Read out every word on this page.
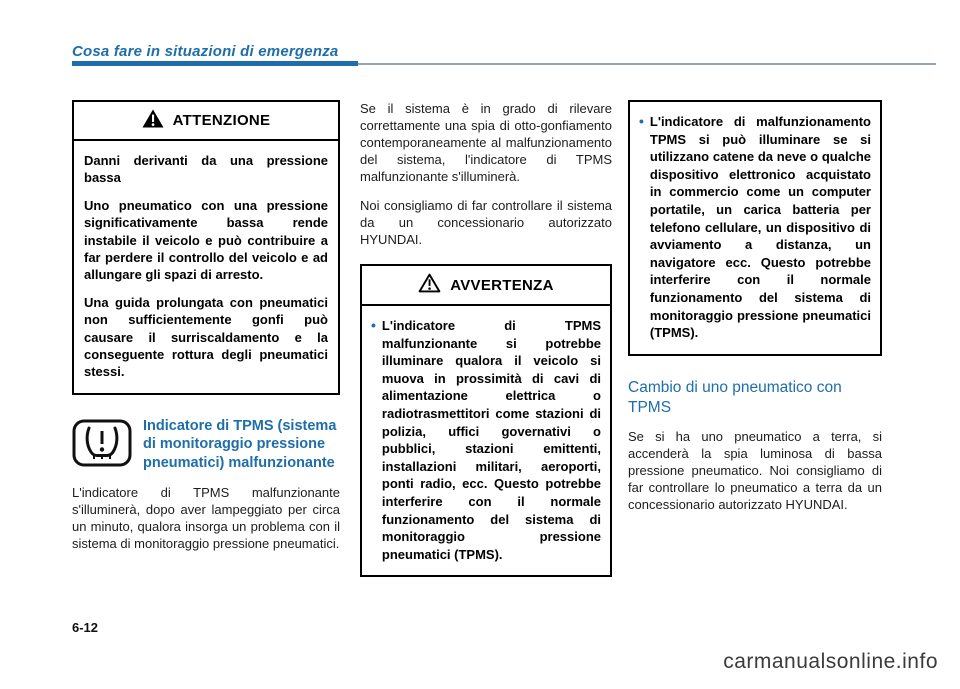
Cosa fare in situazioni di emergenza
ATTENZIONE

Danni derivanti da una pressione bassa

Uno pneumatico con una pressione significativamente bassa rende instabile il veicolo e può contribuire a far perdere il controllo del veicolo e ad allungare gli spazi di arresto.

Una guida prolungata con pneumatici non sufficientemente gonfi può causare il surriscaldamento e la conseguente rottura degli pneumatici stessi.

Indicatore di TPMS (sistema di monitoraggio pressione pneumatici) malfunzionante

L'indicatore di TPMS malfunzionante s'illuminerà, dopo aver lampeggiato per circa un minuto, qualora insorga un problema con il sistema di monitoraggio pressione pneumatici.

Se il sistema è in grado di rilevare correttamente una spia di otto-gonfiamento contemporaneamente al malfunzionamento del sistema, l'indicatore di TPMS malfunzionante s'illuminerà.

Noi consigliamo di far controllare il sistema da un concessionario autorizzato HYUNDAI.

AVVERTENZA
• L'indicatore di TPMS malfunzionante si potrebbe illuminare qualora il veicolo si muova in prossimità di cavi di alimentazione elettrica o radiotrasmettitori come stazioni di polizia, uffici governativi o pubblici, stazioni emittenti, installazioni militari, aeroporti, ponti radio, ecc. Questo potrebbe interferire con il normale funzionamento del sistema di monitoraggio pressione pneumatici (TPMS).
• L'indicatore di malfunzionamento TPMS si può illuminare se si utilizzano catene da neve o qualche dispositivo elettronico acquistato in commercio come un computer portatile, un carica batteria per telefono cellulare, un dispositivo di avviamento a distanza, un navigatore ecc. Questo potrebbe interferire con il normale funzionamento del sistema di monitoraggio pressione pneumatici (TPMS).
Cambio di uno pneumatico con TPMS

Se si ha uno pneumatico a terra, si accenderà la spia luminosa di bassa pressione pneumatico. Noi consigliamo di far controllare lo pneumatico a terra da un concessionario autorizzato HYUNDAI.

6-12
carmanualsonline.info
